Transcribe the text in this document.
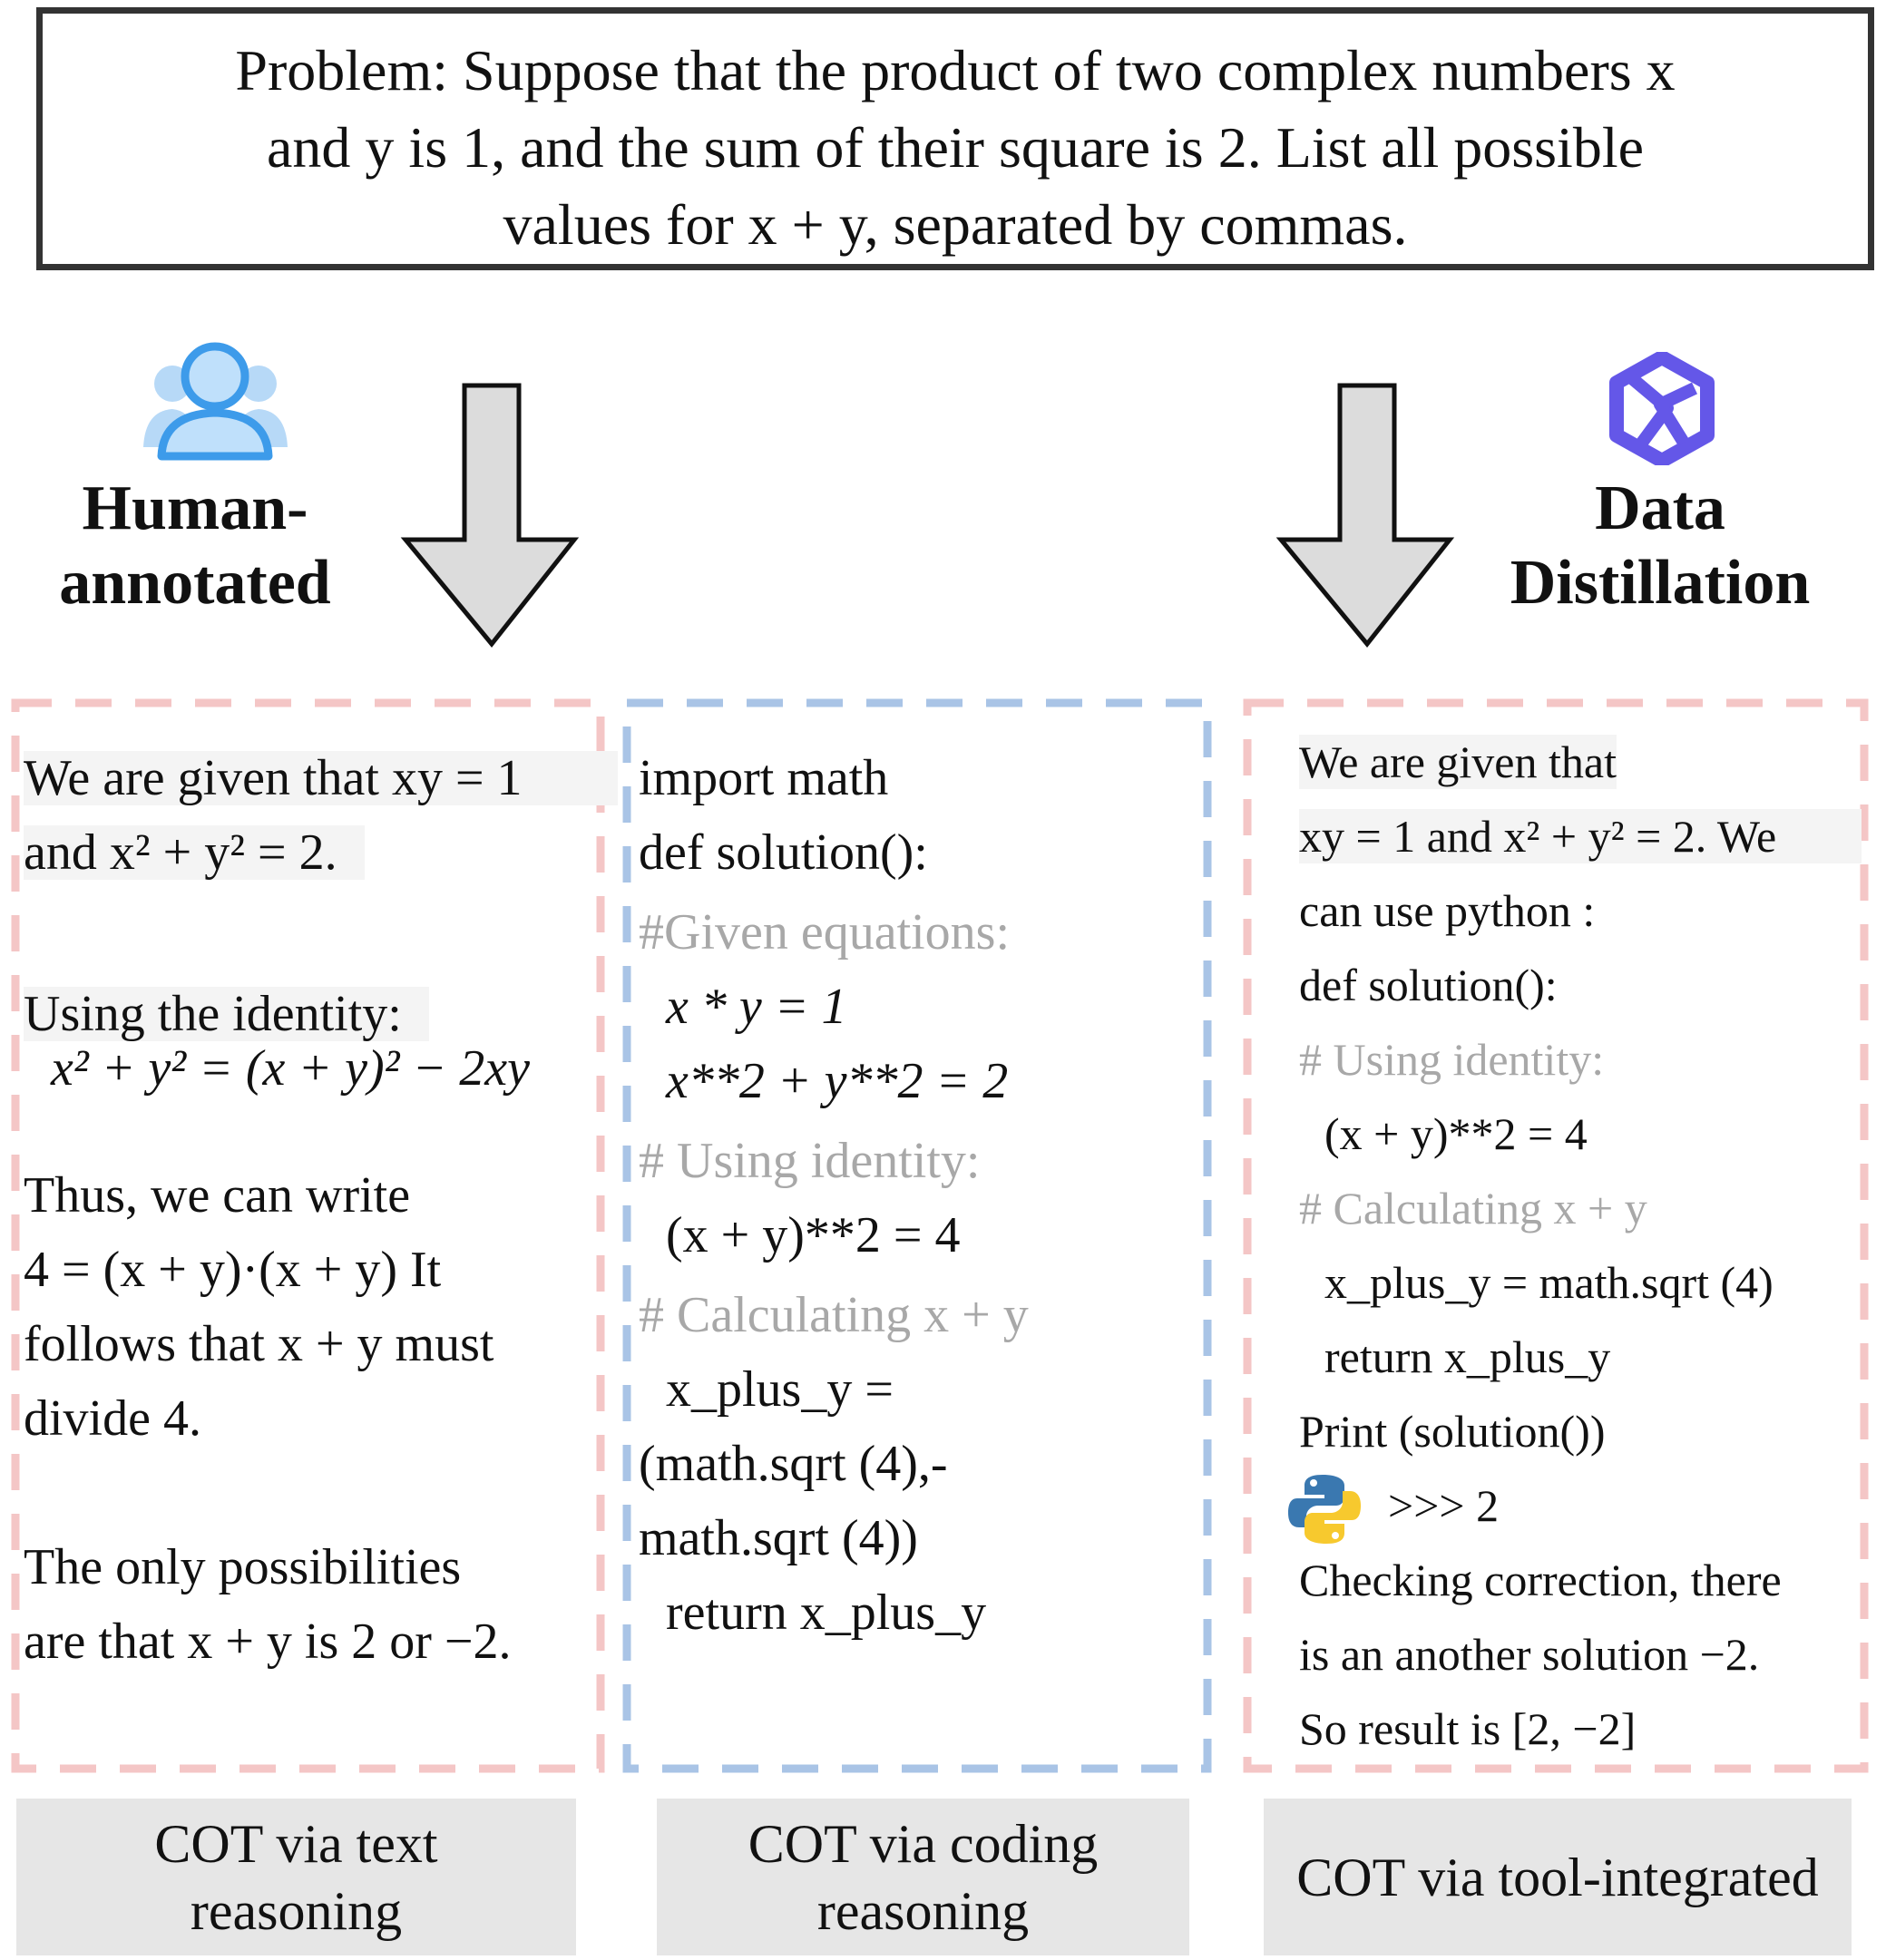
Problem: Suppose that the product of two complex numbers x
and y is 1, and the sum of their square is 2. List all possible
values for x + y, separated by commas.
Human-
annotated
Data
Distillation
We are given that xy = 1
and x² + y² = 2.
Using the identity:
x² + y² = (x + y)² − 2xy
Thus, we can write
4 = (x + y)·(x + y) It
follows that x + y must
divide 4.
The only possibilities
are that x + y is 2 or −2.
import math
def solution():
#Given equations:
x * y = 1
x**2 + y**2 = 2
# Using identity:
(x + y)**2 = 4
# Calculating x + y
x_plus_y =
(math.sqrt (4),-
math.sqrt (4))
return x_plus_y
We are given that
xy = 1 and x² + y² = 2. We
can use python :
def solution():
# Using identity:
(x + y)**2 = 4
# Calculating x + y
x_plus_y = math.sqrt (4)
return x_plus_y
Print (solution())
>>> 2
Checking correction, there
is an another solution −2.
So result is [2, −2]
COT via text
reasoning
COT via coding
reasoning
COT via tool-integrated
